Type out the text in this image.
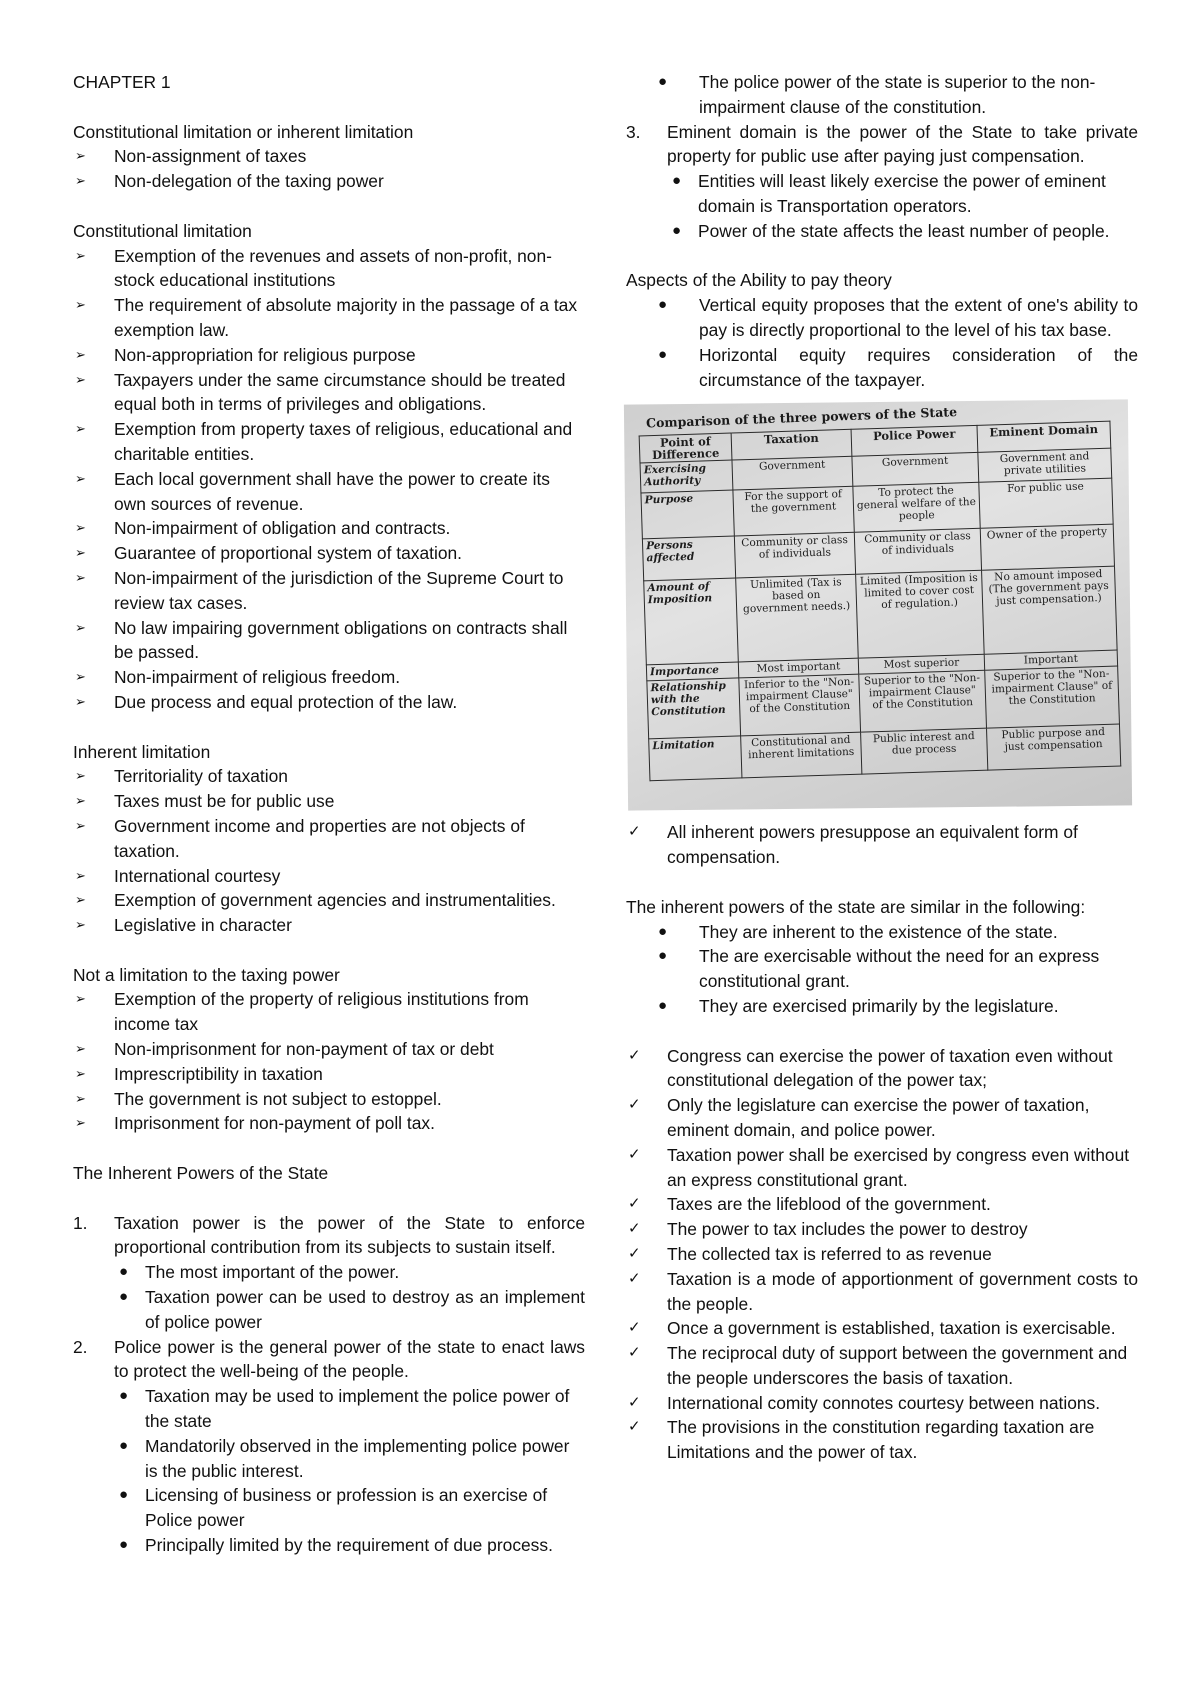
CHAPTER 1
Constitutional limitation or inherent limitation
➢ Non-assignment of taxes
➢ Non-delegation of the taxing power
Constitutional limitation
➢ Exemption of the revenues and assets of non-profit, non-stock educational institutions
➢ The requirement of absolute majority in the passage of a tax exemption law.
➢ Non-appropriation for religious purpose
➢ Taxpayers under the same circumstance should be treated equal both in terms of privileges and obligations.
➢ Exemption from property taxes of religious, educational and charitable entities.
➢ Each local government shall have the power to create its own sources of revenue.
➢ Non-impairment of obligation and contracts.
➢ Guarantee of proportional system of taxation.
➢ Non-impairment of the jurisdiction of the Supreme Court to review tax cases.
➢ No law impairing government obligations on contracts shall be passed.
➢ Non-impairment of religious freedom.
➢ Due process and equal protection of the law.
Inherent limitation
➢ Territoriality of taxation
➢ Taxes must be for public use
➢ Government income and properties are not objects of taxation.
➢ International courtesy
➢ Exemption of government agencies and instrumentalities.
➢ Legislative in character
Not a limitation to the taxing power
➢ Exemption of the property of religious institutions from income tax
➢ Non-imprisonment for non-payment of tax or debt
➢ Imprescriptibility in taxation
➢ The government is not subject to estoppel.
➢ Imprisonment for non-payment of poll tax.
The Inherent Powers of the State
1. Taxation power is the power of the State to enforce proportional contribution from its subjects to sustain itself.
● The most important of the power.
● Taxation power can be used to destroy as an implement of police power
2. Police power is the general power of the state to enact laws to protect the well-being of the people.
● Taxation may be used to implement the police power of the state
● Mandatorily observed in the implementing police power is the public interest.
● Licensing of business or profession is an exercise of Police power
● Principally limited by the requirement of due process.
● The police power of the state is superior to the non-impairment clause of the constitution.
3. Eminent domain is the power of the State to take private property for public use after paying just compensation.
● Entities will least likely exercise the power of eminent domain is Transportation operators.
● Power of the state affects the least number of people.
Aspects of the Ability to pay theory
● Vertical equity proposes that the extent of one's ability to pay is directly proportional to the level of his tax base.
● Horizontal equity requires consideration of the circumstance of the taxpayer.
Comparison of the three powers of the State
Point of Difference	Taxation	Police Power	Eminent Domain
Exercising Authority	Government	Government	Government and private utilities
Purpose	For the support of the government	To protect the general welfare of the people	For public use
Persons affected	Community or class of individuals	Community or class of individuals	Owner of the property
Amount of Imposition	Unlimited (Tax is based on government needs.)	Limited (Imposition is limited to cover cost of regulation.)	No amount imposed (The government pays just compensation.)
Importance	Most important	Most superior	Important
Relationship with the Constitution	Inferior to the "Non-impairment Clause" of the Constitution	Superior to the "Non-impairment Clause" of the Constitution	Superior to the "Non-impairment Clause" of the Constitution
Limitation	Constitutional and inherent limitations	Public interest and due process	Public purpose and just compensation
✓ All inherent powers presuppose an equivalent form of compensation.
The inherent powers of the state are similar in the following:
● They are inherent to the existence of the state.
● The are exercisable without the need for an express constitutional grant.
● They are exercised primarily by the legislature.
✓ Congress can exercise the power of taxation even without constitutional delegation of the power tax;
✓ Only the legislature can exercise the power of taxation, eminent domain, and police power.
✓ Taxation power shall be exercised by congress even without an express constitutional grant.
✓ Taxes are the lifeblood of the government.
✓ The power to tax includes the power to destroy
✓ The collected tax is referred to as revenue
✓ Taxation is a mode of apportionment of government costs to the people.
✓ Once a government is established, taxation is exercisable.
✓ The reciprocal duty of support between the government and the people underscores the basis of taxation.
✓ International comity connotes courtesy between nations.
✓ The provisions in the constitution regarding taxation are Limitations and the power of tax.
